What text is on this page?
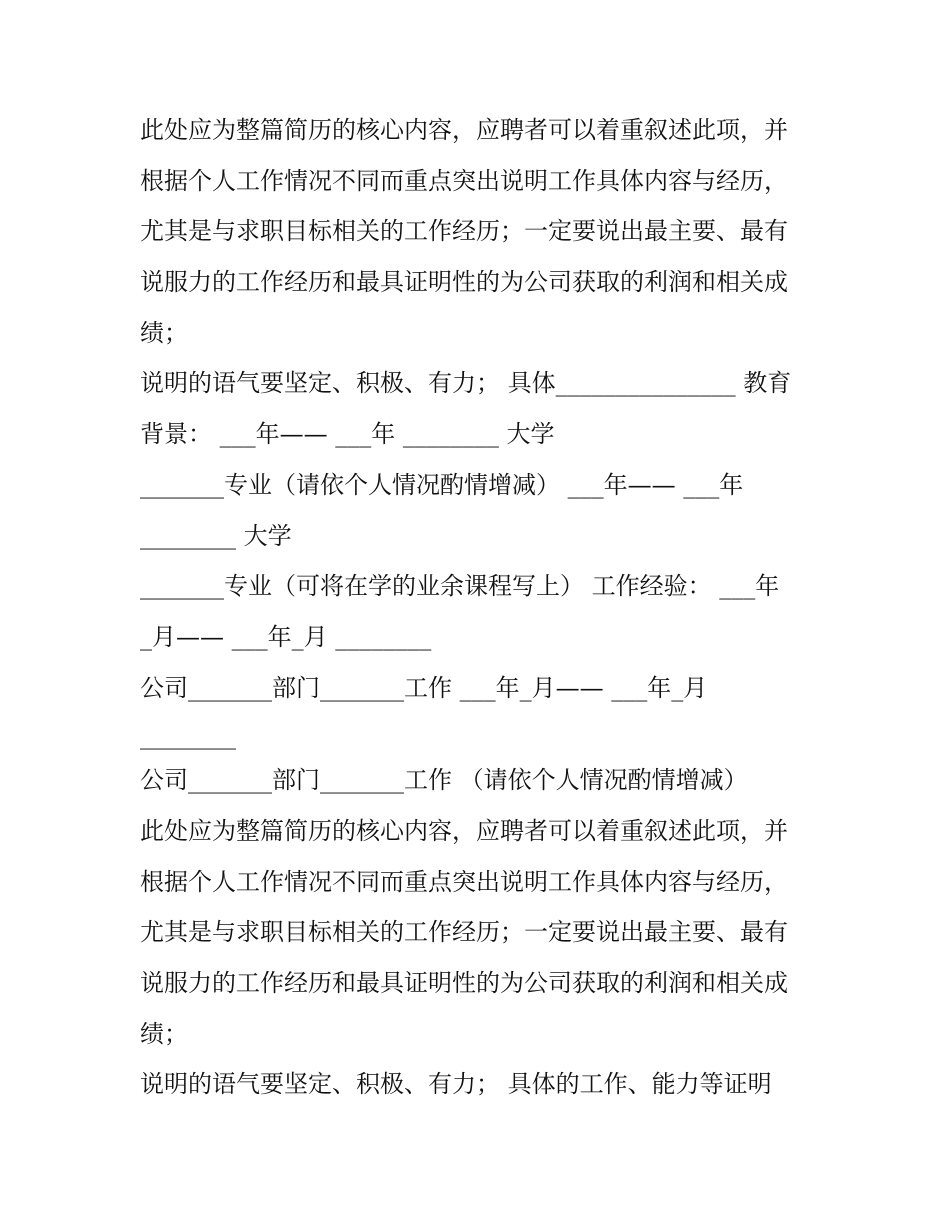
此处应为整篇简历的核心内容，应聘者可以着重叙述此项，并
根据个人工作情况不同而重点突出说明工作具体内容与经历，
尤其是与求职目标相关的工作经历；一定要说出最主要、最有
说服力的工作经历和最具证明性的为公司获取的利润和相关成
绩；
说明的语气要坚定、积极、有力； 具体_______________ 教育
背景： ___年—— ___年 ________ 大学
_______专业（请依个人情况酌情增减） ___年—— ___年
________ 大学
_______专业（可将在学的业余课程写上） 工作经验： ___年
_月—— ___年_月 ________
公司_______部门_______工作 ___年_月—— ___年_月
________
公司_______部门_______工作 （请依个人情况酌情增减）
此处应为整篇简历的核心内容，应聘者可以着重叙述此项，并
根据个人工作情况不同而重点突出说明工作具体内容与经历，
尤其是与求职目标相关的工作经历；一定要说出最主要、最有
说服力的工作经历和最具证明性的为公司获取的利润和相关成
绩；
说明的语气要坚定、积极、有力； 具体的工作、能力等证明
